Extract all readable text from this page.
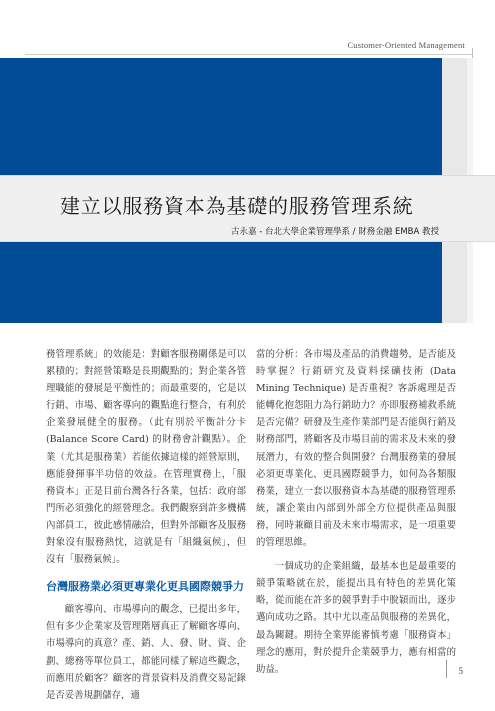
Customer-Oriented Management
建立以服務資本為基礎的服務管理系統
古永嘉 - 台北大學企業管理學系 / 財務金融 EMBA 教授

務管理系統」的效能是：對顧客服務關係是可以累積的；對經營策略是長期觀點的；對企業各管理職能的發展是平衡性的；而最重要的，它是以行銷、市場、顧客導向的觀點進行整合，有利於企業發展健全的服務。（此有別於平衡計分卡 (Balance Score Card) 的財務會計觀點）。企業（尤其是服務業）若能依據這樣的經營原則，應能發揮事半功倍的效益。在管理實務上，「服務資本」正是目前台灣各行各業，包括：政府部門所必須強化的經營理念。我們觀察到許多機構內部員工，彼此感情融洽，但對外部顧客及服務對象沒有服務熱忱，這就是有「組織氣候」，但沒有「服務氣候」。

台灣服務業必須更專業化更具國際競爭力

顧客導向、市場導向的觀念，已提出多年，但有多少企業家及管理階層真正了解顧客導向、市場導向的真意？產、銷、人、發、財、資、企劃、總務等單位員工，都能同樣了解這些觀念，而應用於顧客？顧客的背景資料及消費交易記錄是否妥善規劃儲存，適

當的分析：各市場及產品的消費趨勢，是否能及時掌握？行銷研究及資料採礦技術 (Data Mining Technique) 是否重視？客訴處理是否能轉化抱怨阻力為行銷助力？亦即服務補救系統是否完備？研發及生產作業部門是否能與行銷及財務部門，將顧客及市場目前的需求及未來的發展潛力，有效的整合與開發？台灣服務業的發展必須更專業化、更具國際競爭力，如何為各類服務業，建立一套以服務資本為基礎的服務管理系統，讓企業由內部到外部全方位提供產品與服務，同時兼顧目前及未來市場需求，是一項重要的管理思維。

一個成功的企業組織，最基本也是最重要的競爭策略就在於，能提出具有特色的差異化策略，從而能在許多的競爭對手中脫穎而出，逐步邁向成功之路。其中尤以產品與服務的差異化，最為關鍵。期待全業界能審慎考慮「服務資本」理念的應用，對於提升企業競爭力，應有相當的助益。	5
